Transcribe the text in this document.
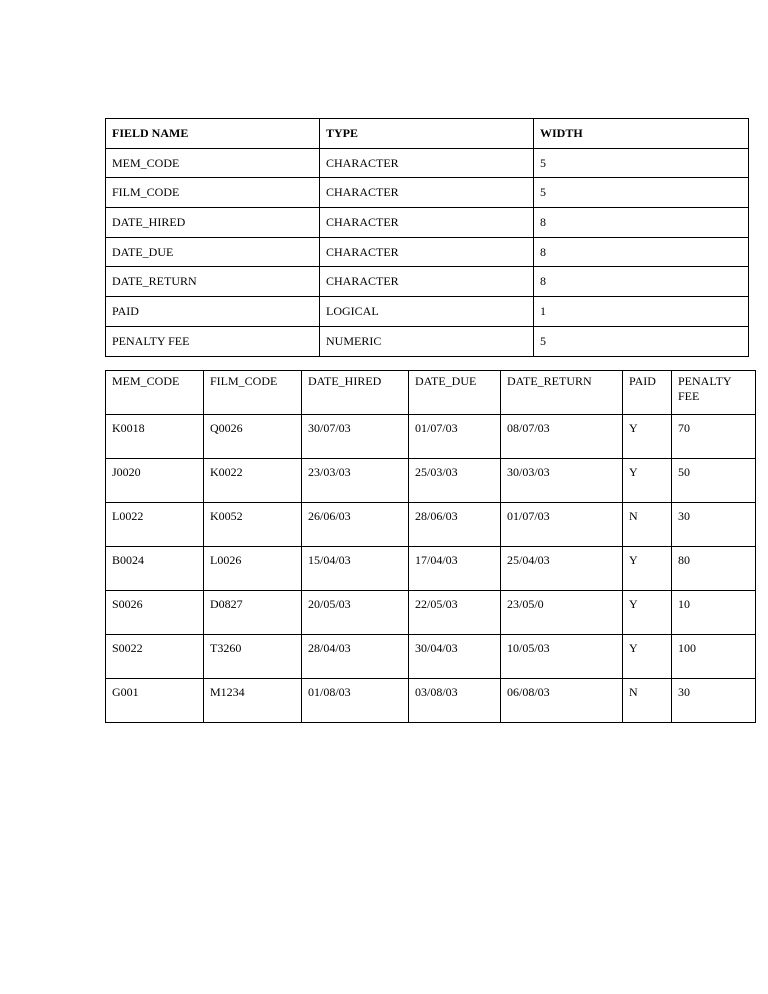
FIELD NAME	TYPE	WIDTH
MEM_CODE	CHARACTER	5
FILM_CODE	CHARACTER	5
DATE_HIRED	CHARACTER	8
DATE_DUE	CHARACTER	8
DATE_RETURN	CHARACTER	8
PAID	LOGICAL	1
PENALTY FEE	NUMERIC	5
MEM_CODE	FILM_CODE	DATE_HIRED	DATE_DUE	DATE_RETURN	PAID	PENALTY FEE
K0018	Q0026	30/07/03	01/07/03	08/07/03	Y	70
J0020	K0022	23/03/03	25/03/03	30/03/03	Y	50
L0022	K0052	26/06/03	28/06/03	01/07/03	N	30
B0024	L0026	15/04/03	17/04/03	25/04/03	Y	80
S0026	D0827	20/05/03	22/05/03	23/05/0	Y	10
S0022	T3260	28/04/03	30/04/03	10/05/03	Y	100
G001	M1234	01/08/03	03/08/03	06/08/03	N	30
